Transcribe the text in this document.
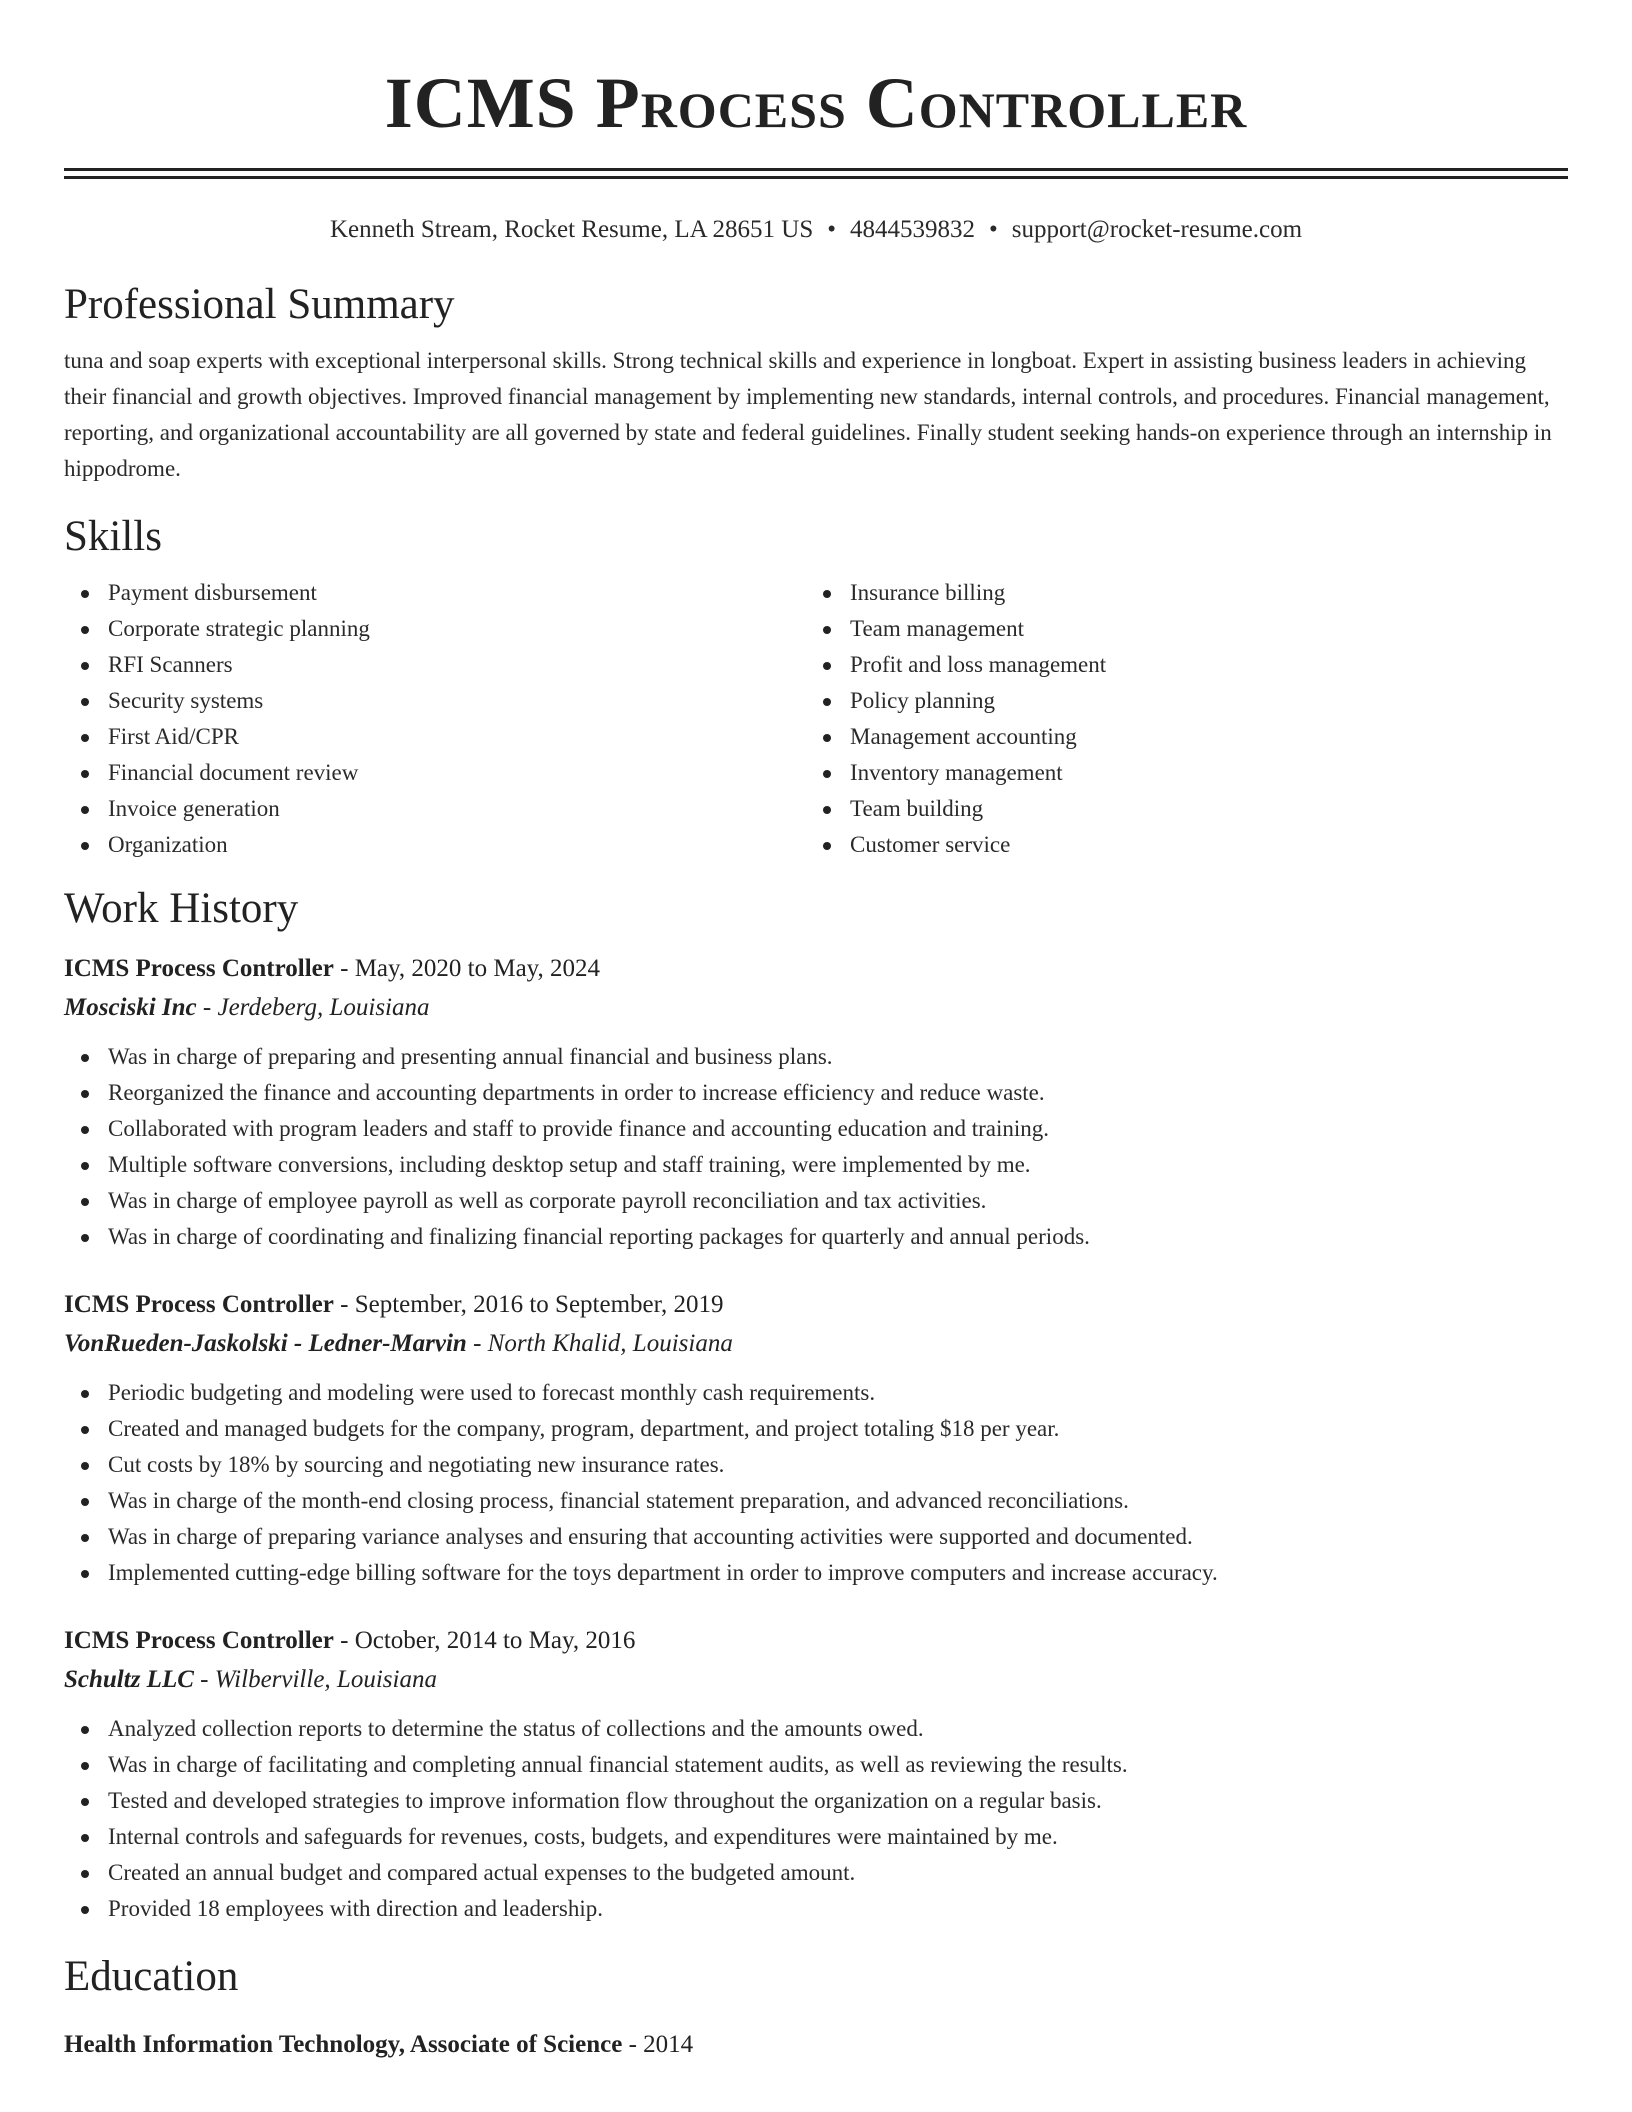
ICMS Process Controller
Kenneth Stream, Rocket Resume, LA 28651 US • 4844539832 • support@rocket-resume.com
Professional Summary
tuna and soap experts with exceptional interpersonal skills. Strong technical skills and experience in longboat. Expert in assisting business leaders in achieving their financial and growth objectives. Improved financial management by implementing new standards, internal controls, and procedures. Financial management, reporting, and organizational accountability are all governed by state and federal guidelines. Finally student seeking hands-on experience through an internship in hippodrome.
Skills
Payment disbursement
Corporate strategic planning
RFI Scanners
Security systems
First Aid/CPR
Financial document review
Invoice generation
Organization
Insurance billing
Team management
Profit and loss management
Policy planning
Management accounting
Inventory management
Team building
Customer service
Work History
ICMS Process Controller - May, 2020 to May, 2024
Mosciski Inc - Jerdeberg, Louisiana
Was in charge of preparing and presenting annual financial and business plans.
Reorganized the finance and accounting departments in order to increase efficiency and reduce waste.
Collaborated with program leaders and staff to provide finance and accounting education and training.
Multiple software conversions, including desktop setup and staff training, were implemented by me.
Was in charge of employee payroll as well as corporate payroll reconciliation and tax activities.
Was in charge of coordinating and finalizing financial reporting packages for quarterly and annual periods.
ICMS Process Controller - September, 2016 to September, 2019
VonRueden-Jaskolski - Ledner-Marvin - North Khalid, Louisiana
Periodic budgeting and modeling were used to forecast monthly cash requirements.
Created and managed budgets for the company, program, department, and project totaling $18 per year.
Cut costs by 18% by sourcing and negotiating new insurance rates.
Was in charge of the month-end closing process, financial statement preparation, and advanced reconciliations.
Was in charge of preparing variance analyses and ensuring that accounting activities were supported and documented.
Implemented cutting-edge billing software for the toys department in order to improve computers and increase accuracy.
ICMS Process Controller - October, 2014 to May, 2016
Schultz LLC - Wilberville, Louisiana
Analyzed collection reports to determine the status of collections and the amounts owed.
Was in charge of facilitating and completing annual financial statement audits, as well as reviewing the results.
Tested and developed strategies to improve information flow throughout the organization on a regular basis.
Internal controls and safeguards for revenues, costs, budgets, and expenditures were maintained by me.
Created an annual budget and compared actual expenses to the budgeted amount.
Provided 18 employees with direction and leadership.
Education
Health Information Technology, Associate of Science - 2014
